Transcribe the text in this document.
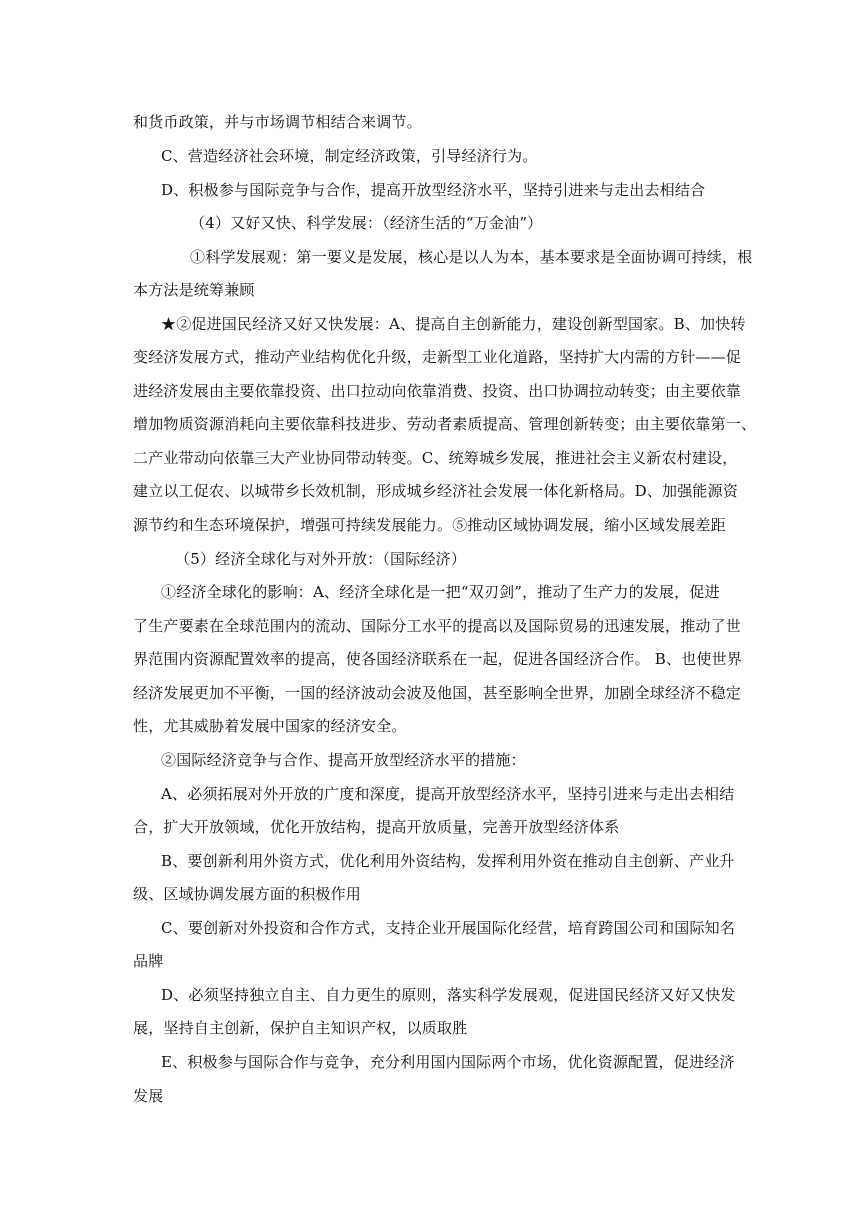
和货币政策，并与市场调节相结合来调节。
C、营造经济社会环境，制定经济政策，引导经济行为。
D、积极参与国际竞争与合作，提高开放型经济水平，坚持引进来与走出去相结合
（4）又好又快、科学发展：（经济生活的“万金油”）
①科学发展观：第一要义是发展，核心是以人为本，基本要求是全面协调可持续，根
本方法是统筹兼顾
★②促进国民经济又好又快发展：A、提高自主创新能力，建设创新型国家。B、加快转
变经济发展方式，推动产业结构优化升级，走新型工业化道路，坚持扩大内需的方针——促
进经济发展由主要依靠投资、出口拉动向依靠消费、投资、出口协调拉动转变；由主要依靠
增加物质资源消耗向主要依靠科技进步、劳动者素质提高、管理创新转变；由主要依靠第一、
二产业带动向依靠三大产业协同带动转变。C、统筹城乡发展，推进社会主义新农村建设，
建立以工促农、以城带乡长效机制，形成城乡经济社会发展一体化新格局。D、加强能源资
源节约和生态环境保护，增强可持续发展能力。⑤推动区域协调发展，缩小区域发展差距
（5）经济全球化与对外开放：（国际经济）
①经济全球化的影响：A、经济全球化是一把“双刃剑”，推动了生产力的发展，促进
了生产要素在全球范围内的流动、国际分工水平的提高以及国际贸易的迅速发展，推动了世
界范围内资源配置效率的提高，使各国经济联系在一起，促进各国经济合作。 B、也使世界
经济发展更加不平衡，一国的经济波动会波及他国，甚至影响全世界，加剧全球经济不稳定
性，尤其威胁着发展中国家的经济安全。
②国际经济竞争与合作、提高开放型经济水平的措施：
A、必须拓展对外开放的广度和深度，提高开放型经济水平，坚持引进来与走出去相结
合，扩大开放领域，优化开放结构，提高开放质量，完善开放型经济体系
B、要创新利用外资方式，优化利用外资结构，发挥利用外资在推动自主创新、产业升
级、区域协调发展方面的积极作用
C、要创新对外投资和合作方式，支持企业开展国际化经营，培育跨国公司和国际知名
品牌
D、必须坚持独立自主、自力更生的原则，落实科学发展观，促进国民经济又好又快发
展，坚持自主创新，保护自主知识产权，以质取胜
E、积极参与国际合作与竞争，充分利用国内国际两个市场，优化资源配置，促进经济
发展
